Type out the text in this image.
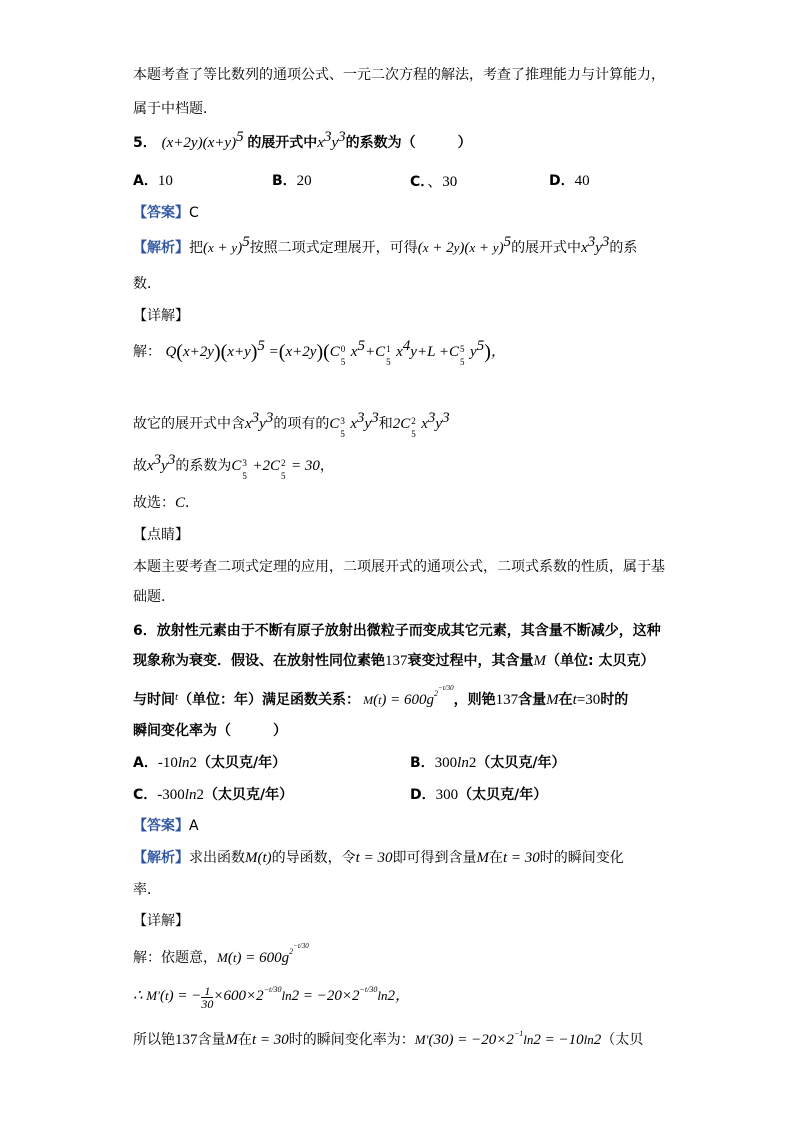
本题考查了等比数列的通项公式、一元二次方程的解法，考查了推理能力与计算能力，
属于中档题．
5． $(x+2y)(x+y)^5$ 的展开式中$x^3y^3$的系数为（　　　）
A．10	B．20	C．、30	D．40
【答案】C
【解析】把$(x + y)^5$按照二项式定理展开，可得$(x + 2y)(x + y)^5$的展开式中$x^3y^3$的系
数．
【详解】
解： $Q(x+2y)(x+y)^5 =(x+2y)(C$ 0
5
$x^5+C$ 1
5
$x^4y+L +C$ 5
5
$y^5$)，
故它的展开式中含$x^3y^3$的项有的C 3
5
$x^3y^3$和2C 2
5
$x^3y^3$
故$x^3y^3$的系数为C 3
5
+2C 2
5
= 30，
故选：C．
【点睛】
本题主要考查二项式定理的应用，二项展开式的通项公式，二项式系数的性质，属于基
础题．
6．放射性元素由于不断有原子放射出微粒子而变成其它元素，其含量不断减少，这种
现象称为衰变．假设、在放射性同位素铯137衰变过程中，其含量M（单位: 太贝克）
与时间$^t$（单位：年）满足函数关系： $M(t) = 600g^{2^{-t/30}}$，则铯137含量M在t=30时的
瞬间变化率为（　　　）
A．-10ln2（太贝克/年）	B．300ln2（太贝克/年）
C．-300ln2（太贝克/年）	D．300（太贝克/年）
【答案】A
【解析】求出函数M(t)的导函数，令t = 30即可得到含量M在t = 30时的瞬间变化
率．
【详解】
解：依题意，$M(t) = 600g^{2^{-t/30}}$
∴ M′(t) = − $\frac{1}{30} \times 600\times 2^{-t/30}\ln 2 = -20\times 2^{-t/30}\ln 2$，
所以铯137含量M在t = 30时的瞬间变化率为：$M'(30) = -20\times 2^{-1}\ln 2 = -10\ln 2$（太贝
